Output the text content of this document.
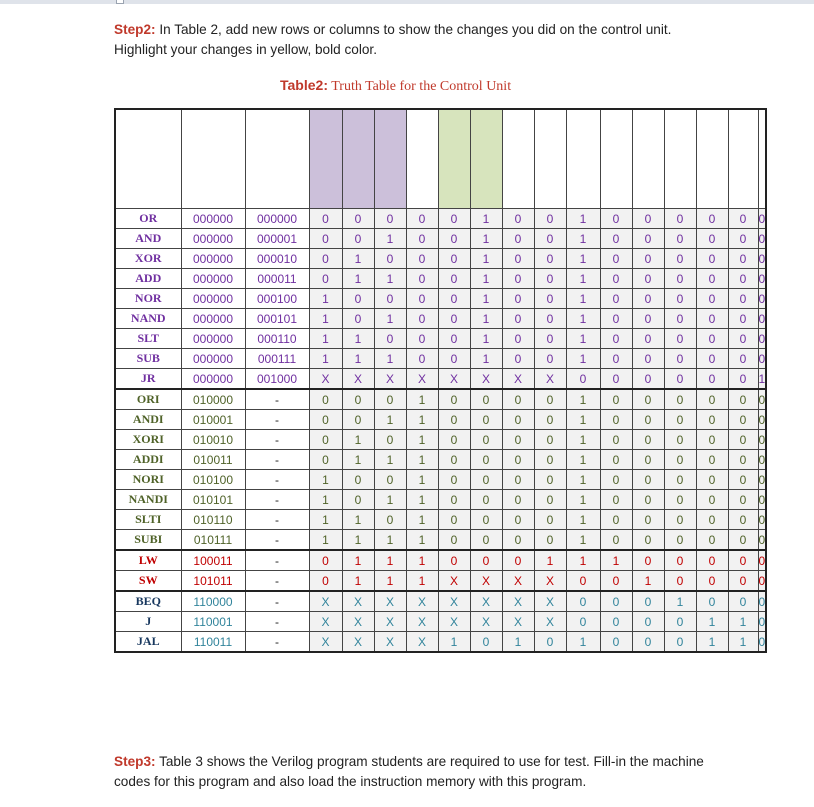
Step2: In Table 2, add new rows or columns to show the changes you did on the control unit. Highlight your changes in yellow, bold color.
Table2: Truth Table for the Control Unit

OR	000000	000000	0	0	0	0	0	1	0	0	1	0	0	0	0	0	0
AND	000000	000001	0	0	1	0	0	1	0	0	1	0	0	0	0	0	0
XOR	000000	000010	0	1	0	0	0	1	0	0	1	0	0	0	0	0	0
ADD	000000	000011	0	1	1	0	0	1	0	0	1	0	0	0	0	0	0
NOR	000000	000100	1	0	0	0	0	1	0	0	1	0	0	0	0	0	0
NAND	000000	000101	1	0	1	0	0	1	0	0	1	0	0	0	0	0	0
SLT	000000	000110	1	1	0	0	0	1	0	0	1	0	0	0	0	0	0
SUB	000000	000111	1	1	1	0	0	1	0	0	1	0	0	0	0	0	0
JR	000000	001000	X	X	X	X	X	X	X	X	0	0	0	0	0	0	1
ORI	010000	-	0	0	0	1	0	0	0	0	1	0	0	0	0	0	0
ANDI	010001	-	0	0	1	1	0	0	0	0	1	0	0	0	0	0	0
XORI	010010	-	0	1	0	1	0	0	0	0	1	0	0	0	0	0	0
ADDI	010011	-	0	1	1	1	0	0	0	0	1	0	0	0	0	0	0
NORI	010100	-	1	0	0	1	0	0	0	0	1	0	0	0	0	0	0
NANDI	010101	-	1	0	1	1	0	0	0	0	1	0	0	0	0	0	0
SLTI	010110	-	1	1	0	1	0	0	0	0	1	0	0	0	0	0	0
SUBI	010111	-	1	1	1	1	0	0	0	0	1	0	0	0	0	0	0
LW	100011	-	0	1	1	1	0	0	0	1	1	1	0	0	0	0	0
SW	101011	-	0	1	1	1	X	X	X	X	0	0	1	0	0	0	0
BEQ	110000	-	X	X	X	X	X	X	X	X	0	0	0	1	0	0	0
J	110001	-	X	X	X	X	X	X	X	X	0	0	0	0	1	1	0
JAL	110011	-	X	X	X	X	1	0	1	0	1	0	0	0	1	1	0
Step3: Table 3 shows the Verilog program students are required to use for test. Fill-in the machine codes for this program and also load the instruction memory with this program.
